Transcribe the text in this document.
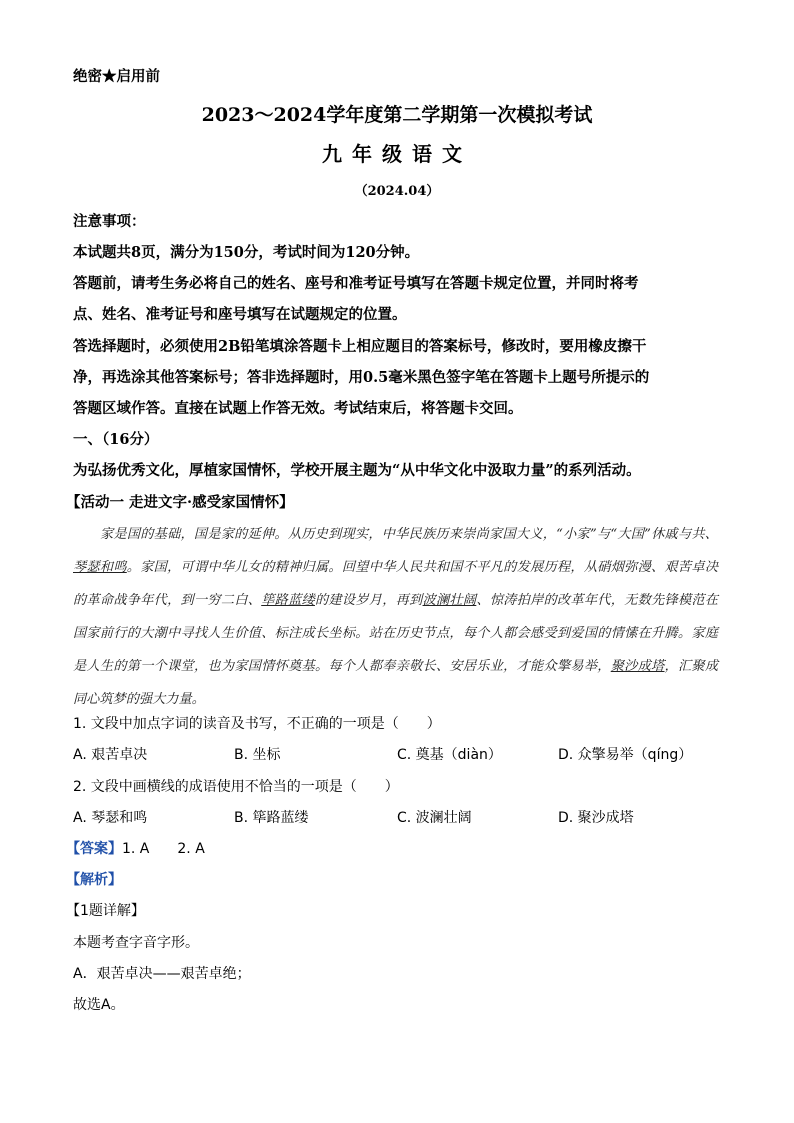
绝密★启用前
2023～2024学年度第二学期第一次模拟考试
九年级语文
（2024.04）
注意事项：
本试题共8页，满分为150分，考试时间为120分钟。
答题前，请考生务必将自己的姓名、座号和准考证号填写在答题卡规定位置，并同时将考
点、姓名、准考证号和座号填写在试题规定的位置。
答选择题时，必须使用2B铅笔填涂答题卡上相应题目的答案标号，修改时，要用橡皮擦干
净，再选涂其他答案标号；答非选择题时，用0.5毫米黑色签字笔在答题卡上题号所提示的
答题区域作答。直接在试题上作答无效。考试结束后，将答题卡交回。
一、（16分）
为弘扬优秀文化，厚植家国情怀，学校开展主题为“从中华文化中汲取力量”的系列活动。
【活动一 走进文字·感受家国情怀】

家是国的基础，国是家的延伸。从历史到现实，中华民族历来崇尚家国大义，“小家”与“大国”休戚与共、琴瑟和鸣。家国，可谓中华儿女的精神归属。回望中华人民共和国不平凡的发展历程，从硝烟弥漫、艰苦卓决的革命战争年代，到一穷二白、筚路蓝缕的建设岁月，再到波澜壮阔、惊涛拍岸的改革年代，无数先锋模范在国家前行的大潮中寻找人生价值、标注成长坐标。站在历史节点，每个人都会感受到爱国的情愫在升腾。家庭是人生的第一个课堂，也为家国情怀奠基。每个人都奉亲敬长、安居乐业，才能众擎易举，聚沙成塔，汇聚成同心筑梦的强大力量。

1. 文段中加点字词的读音及书写，不正确的一项是（　　）
A. 艰苦卓决	B. 坐标	C. 奠基（diàn）	D. 众擎易举（qíng）
2. 文段中画横线的成语使用不恰当的一项是（　　）
A. 琴瑟和鸣	B. 筚路蓝缕	C. 波澜壮阔	D. 聚沙成塔
【答案】1. A　　2. A
【解析】
【1题详解】
本题考查字音字形。
A．艰苦卓决——艰苦卓绝；
故选A。
